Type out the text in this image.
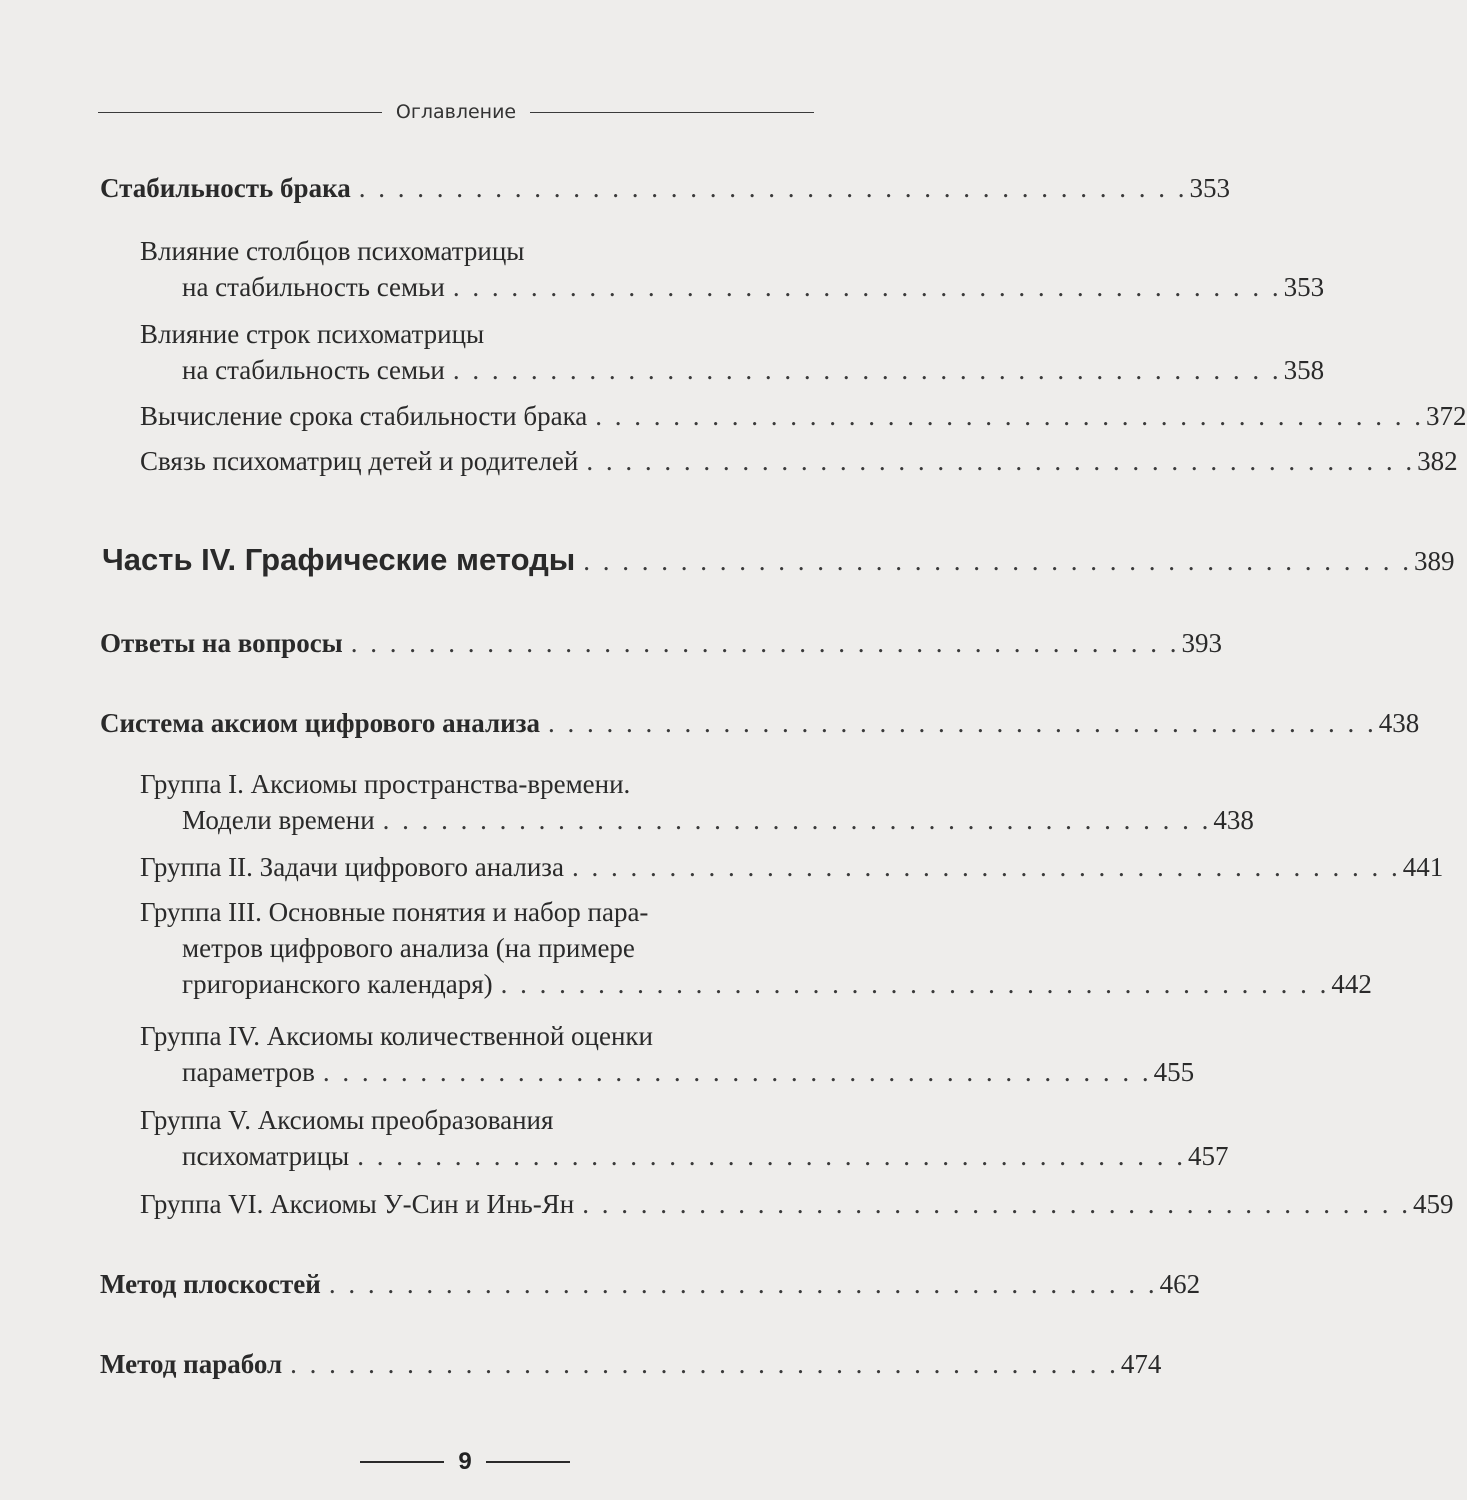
Оглавление
Стабильность брака . . . . . . . . . . . . . . . . . . . . . . . . . . . . . . . . . . . . . . . . . . . 353
Влияние столбцов психоматрицы
на стабильность семьи . . . . . . . . . . . . . . . . . . . . . . . . . . . . . . . . . . . . . . . . . . . 353
Влияние строк психоматрицы
на стабильность семьи . . . . . . . . . . . . . . . . . . . . . . . . . . . . . . . . . . . . . . . . . . . 358
Вычисление срока стабильности брака . . . . . . . . . . . . . . . . . . . . . . . . . . . . . . . . . . . . . . . . . . . 372
Связь психоматриц детей и родителей . . . . . . . . . . . . . . . . . . . . . . . . . . . . . . . . . . . . . . . . . . . 382
Часть IV. Графические методы . . . . . . . . . . . . . . . . . . . . . . . . . . . . . . . . . . . . . . . . . . . 389
Ответы на вопросы . . . . . . . . . . . . . . . . . . . . . . . . . . . . . . . . . . . . . . . . . . . 393
Система аксиом цифрового анализа . . . . . . . . . . . . . . . . . . . . . . . . . . . . . . . . . . . . . . . . . . . 438
Группа I. Аксиомы пространства-времени.
Модели времени . . . . . . . . . . . . . . . . . . . . . . . . . . . . . . . . . . . . . . . . . . . 438
Группа II. Задачи цифрового анализа . . . . . . . . . . . . . . . . . . . . . . . . . . . . . . . . . . . . . . . . . . . 441
Группа III. Основные понятия и набор пара-
метров цифрового анализа (на примере
григорианского календаря) . . . . . . . . . . . . . . . . . . . . . . . . . . . . . . . . . . . . . . . . . . . 442
Группа IV. Аксиомы количественной оценки
параметров . . . . . . . . . . . . . . . . . . . . . . . . . . . . . . . . . . . . . . . . . . . 455
Группа V. Аксиомы преобразования
психоматрицы . . . . . . . . . . . . . . . . . . . . . . . . . . . . . . . . . . . . . . . . . . . 457
Группа VI. Аксиомы У-Син и Инь-Ян . . . . . . . . . . . . . . . . . . . . . . . . . . . . . . . . . . . . . . . . . . . 459
Метод плоскостей . . . . . . . . . . . . . . . . . . . . . . . . . . . . . . . . . . . . . . . . . . . 462
Метод парабол . . . . . . . . . . . . . . . . . . . . . . . . . . . . . . . . . . . . . . . . . . . 474
9
